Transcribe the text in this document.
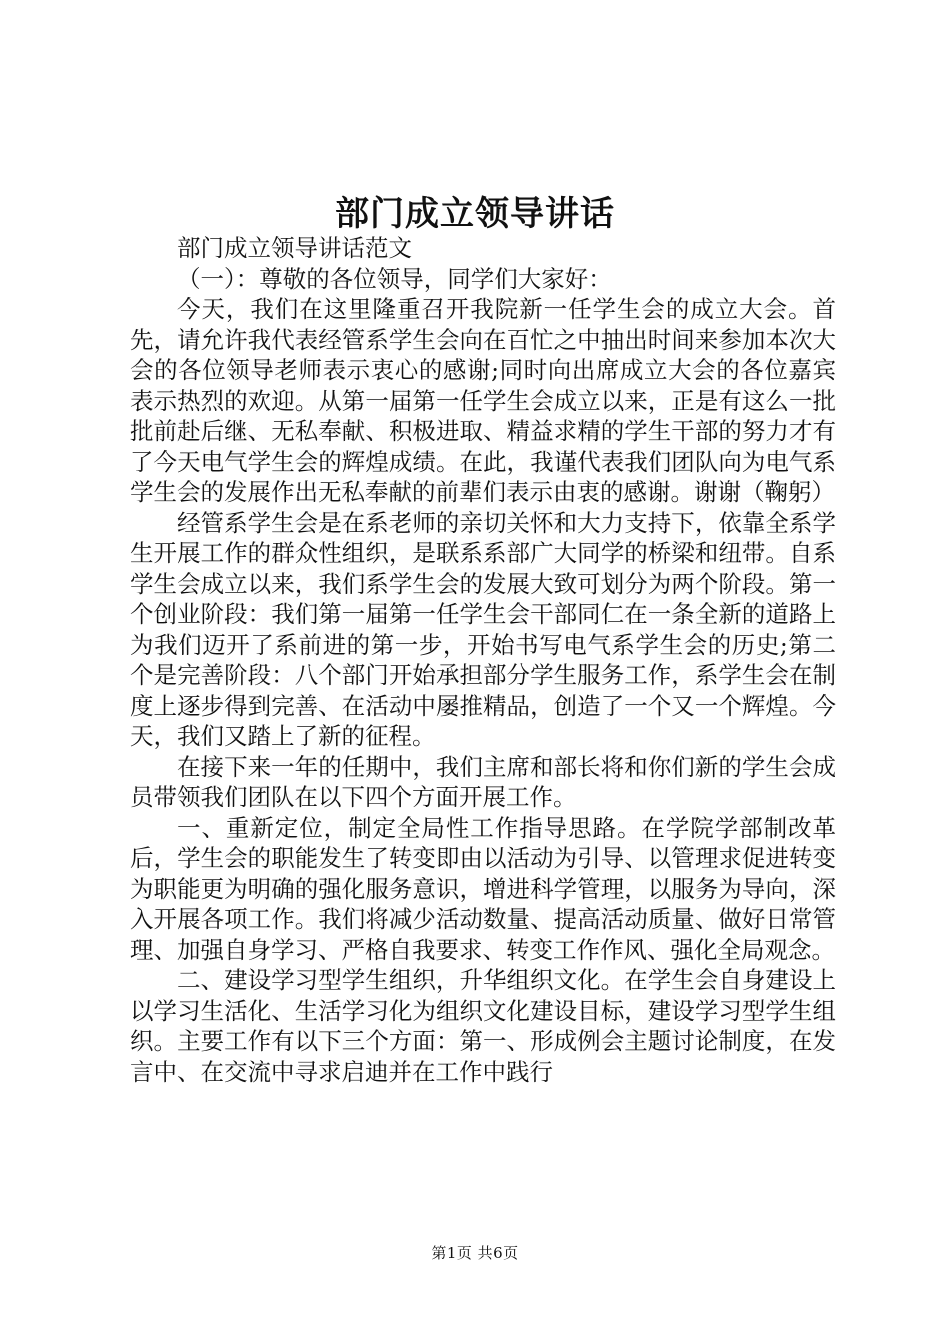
部门成立领导讲话

部门成立领导讲话范文

（一）：尊敬的各位领导，同学们大家好：

今天，我们在这里隆重召开我院新一任学生会的成立大会。首先，请允许我代表经管系学生会向在百忙之中抽出时间来参加本次大会的各位领导老师表示衷心的感谢;同时向出席成立大会的各位嘉宾表示热烈的欢迎。从第一届第一任学生会成立以来，正是有这么一批批前赴后继、无私奉献、积极进取、精益求精的学生干部的努力才有了今天电气学生会的辉煌成绩。在此，我谨代表我们团队向为电气系学生会的发展作出无私奉献的前辈们表示由衷的感谢。谢谢（鞠躬）

经管系学生会是在系老师的亲切关怀和大力支持下，依靠全系学生开展工作的群众性组织，是联系系部广大同学的桥梁和纽带。自系学生会成立以来，我们系学生会的发展大致可划分为两个阶段。第一个创业阶段：我们第一届第一任学生会干部同仁在一条全新的道路上为我们迈开了系前进的第一步，开始书写电气系学生会的历史;第二个是完善阶段：八个部门开始承担部分学生服务工作，系学生会在制度上逐步得到完善、在活动中屡推精品，创造了一个又一个辉煌。今天，我们又踏上了新的征程。

在接下来一年的任期中，我们主席和部长将和你们新的学生会成员带领我们团队在以下四个方面开展工作。

一、重新定位，制定全局性工作指导思路。在学院学部制改革后，学生会的职能发生了转变即由以活动为引导、以管理求促进转变为职能更为明确的强化服务意识，增进科学管理，以服务为导向，深入开展各项工作。我们将减少活动数量、提高活动质量、做好日常管理、加强自身学习、严格自我要求、转变工作作风、强化全局观念。

二、建设学习型学生组织，升华组织文化。在学生会自身建设上以学习生活化、生活学习化为组织文化建设目标，建设学习型学生组织。主要工作有以下三个方面：第一、形成例会主题讨论制度，在发言中、在交流中寻求启迪并在工作中践行

第1页 共6页
